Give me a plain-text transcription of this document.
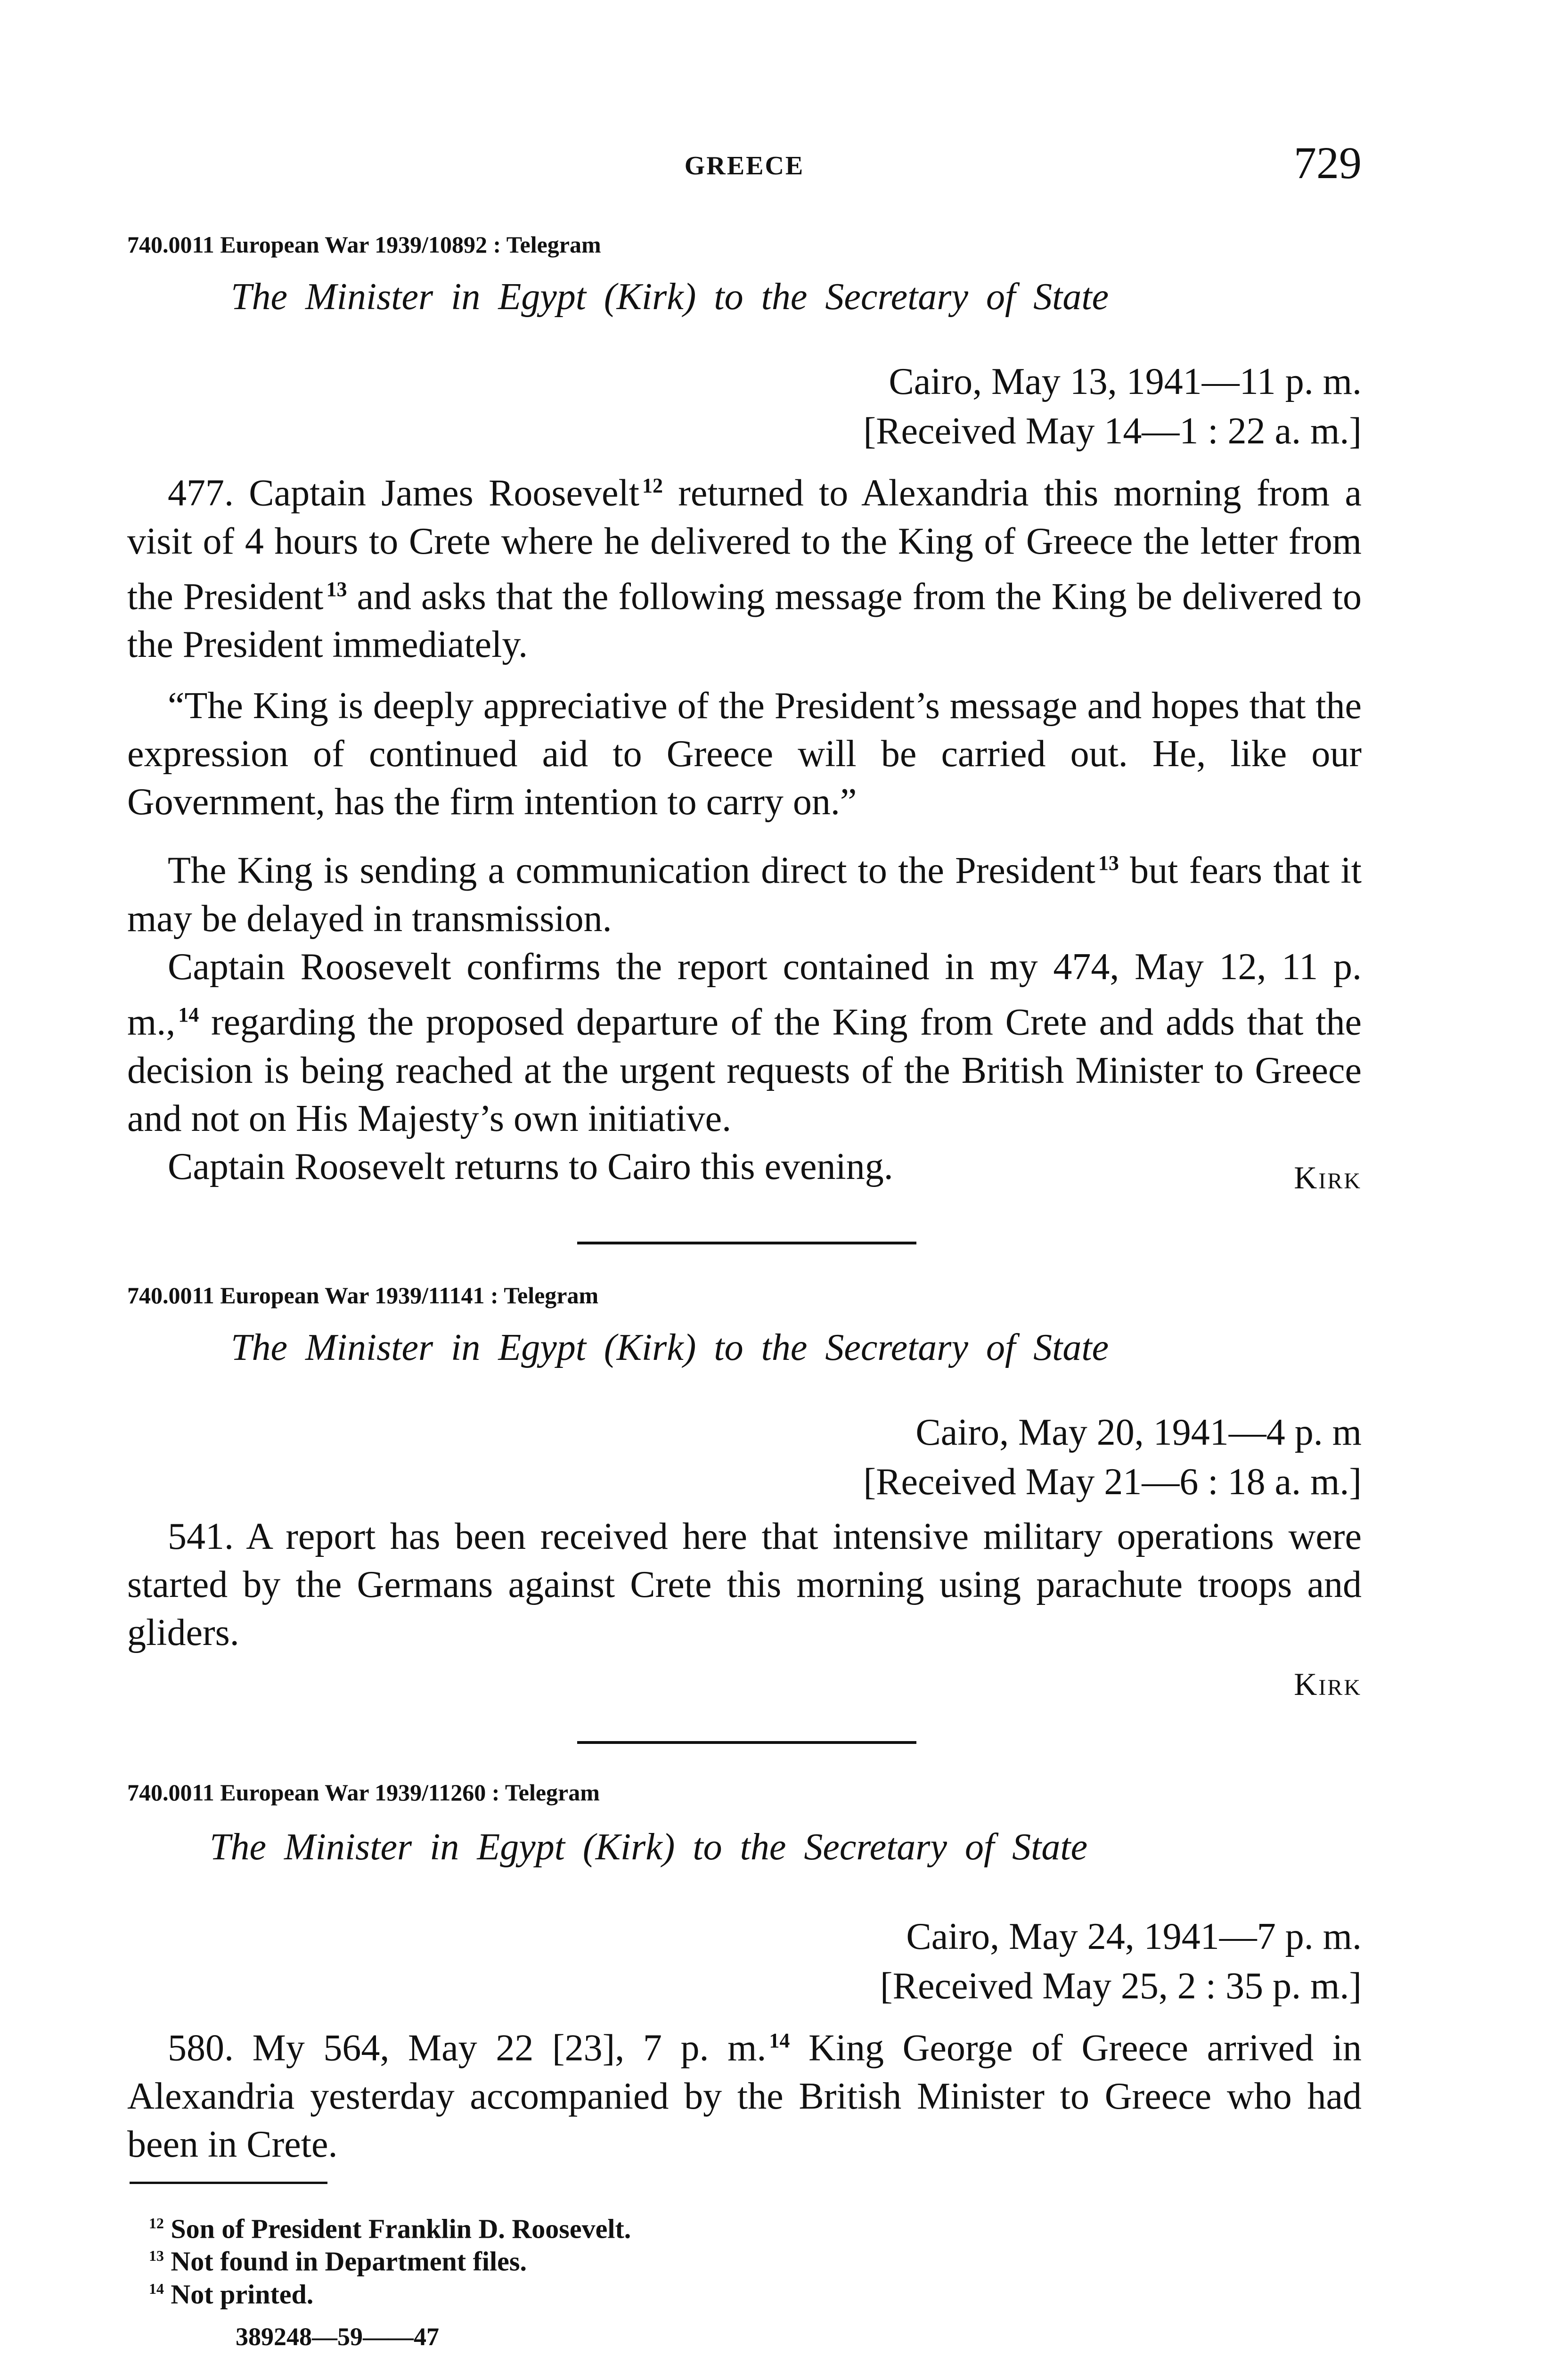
GREECE	729
740.0011 European War 1939/10892 : Telegram
The Minister in Egypt (Kirk) to the Secretary of State
Cairo, May 13, 1941—11 p. m.
[Received May 14—1 : 22 a. m.]

477. Captain James Roosevelt $^{12}$ returned to Alexandria this morning from a visit of 4 hours to Crete where he delivered to the King of Greece the letter from the President $^{13}$ and asks that the following message from the King be delivered to the President immediately.

“The King is deeply appreciative of the President’s message and hopes that the expression of continued aid to Greece will be carried out. He, like our Government, has the firm intention to carry on.”

The King is sending a communication direct to the President $^{13}$ but fears that it may be delayed in transmission.

Captain Roosevelt confirms the report contained in my 474, May 12, 11 p. m., $^{14}$ regarding the proposed departure of the King from Crete and adds that the decision is being reached at the urgent requests of the British Minister to Greece and not on His Majesty’s own initiative.

Captain Roosevelt returns to Cairo this evening.	Kirk
740.0011 European War 1939/11141 : Telegram
The Minister in Egypt (Kirk) to the Secretary of State
Cairo, May 20, 1941—4 p. m
[Received May 21—6 : 18 a. m.]

541. A report has been received here that intensive military operations were started by the Germans against Crete this morning using parachute troops and gliders.

Kirk
740.0011 European War 1939/11260 : Telegram
The Minister in Egypt (Kirk) to the Secretary of State
Cairo, May 24, 1941—7 p. m.
[Received May 25, 2 : 35 p. m.]

580. My 564, May 22 [23], 7 p. m. $^{14}$ King George of Greece arrived in Alexandria yesterday accompanied by the British Minister to Greece who had been in Crete.

$^{12}$ Son of President Franklin D. Roosevelt.
$^{13}$ Not found in Department files.
$^{14}$ Not printed.
389248—59——47
